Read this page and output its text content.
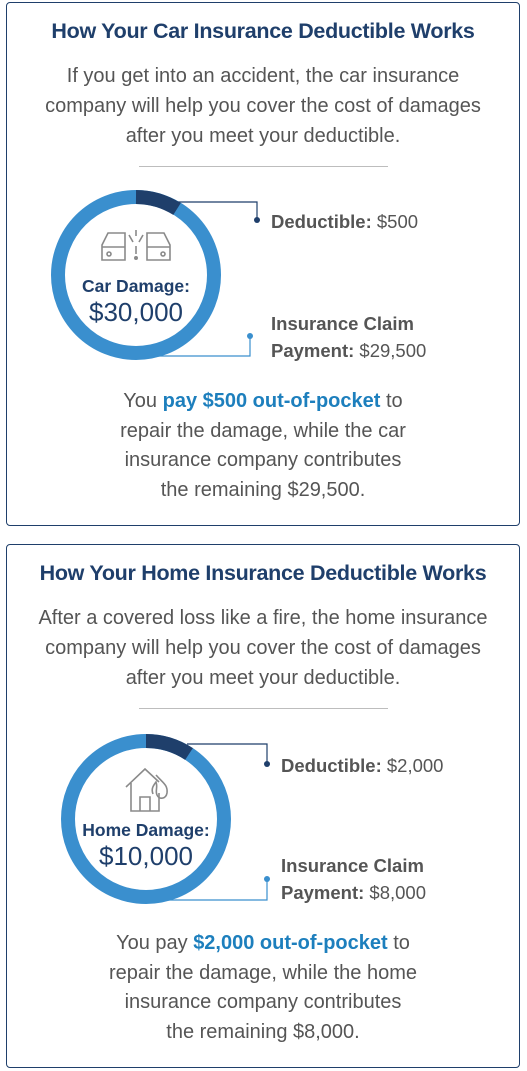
How Your Car Insurance Deductible Works
If you get into an accident, the car insurance
company will help you cover the cost of damages
after you meet your deductible.
Car Damage:
$30,000
Deductible: $500
Insurance Claim
Payment: $29,500
You pay $500 out-of-pocket to
repair the damage, while the car
insurance company contributes
the remaining $29,500.
How Your Home Insurance Deductible Works
After a covered loss like a fire, the home insurance
company will help you cover the cost of damages
after you meet your deductible.
Home Damage:
$10,000
Deductible: $2,000
Insurance Claim
Payment: $8,000
You pay $2,000 out-of-pocket to
repair the damage, while the home
insurance company contributes
the remaining $8,000.
